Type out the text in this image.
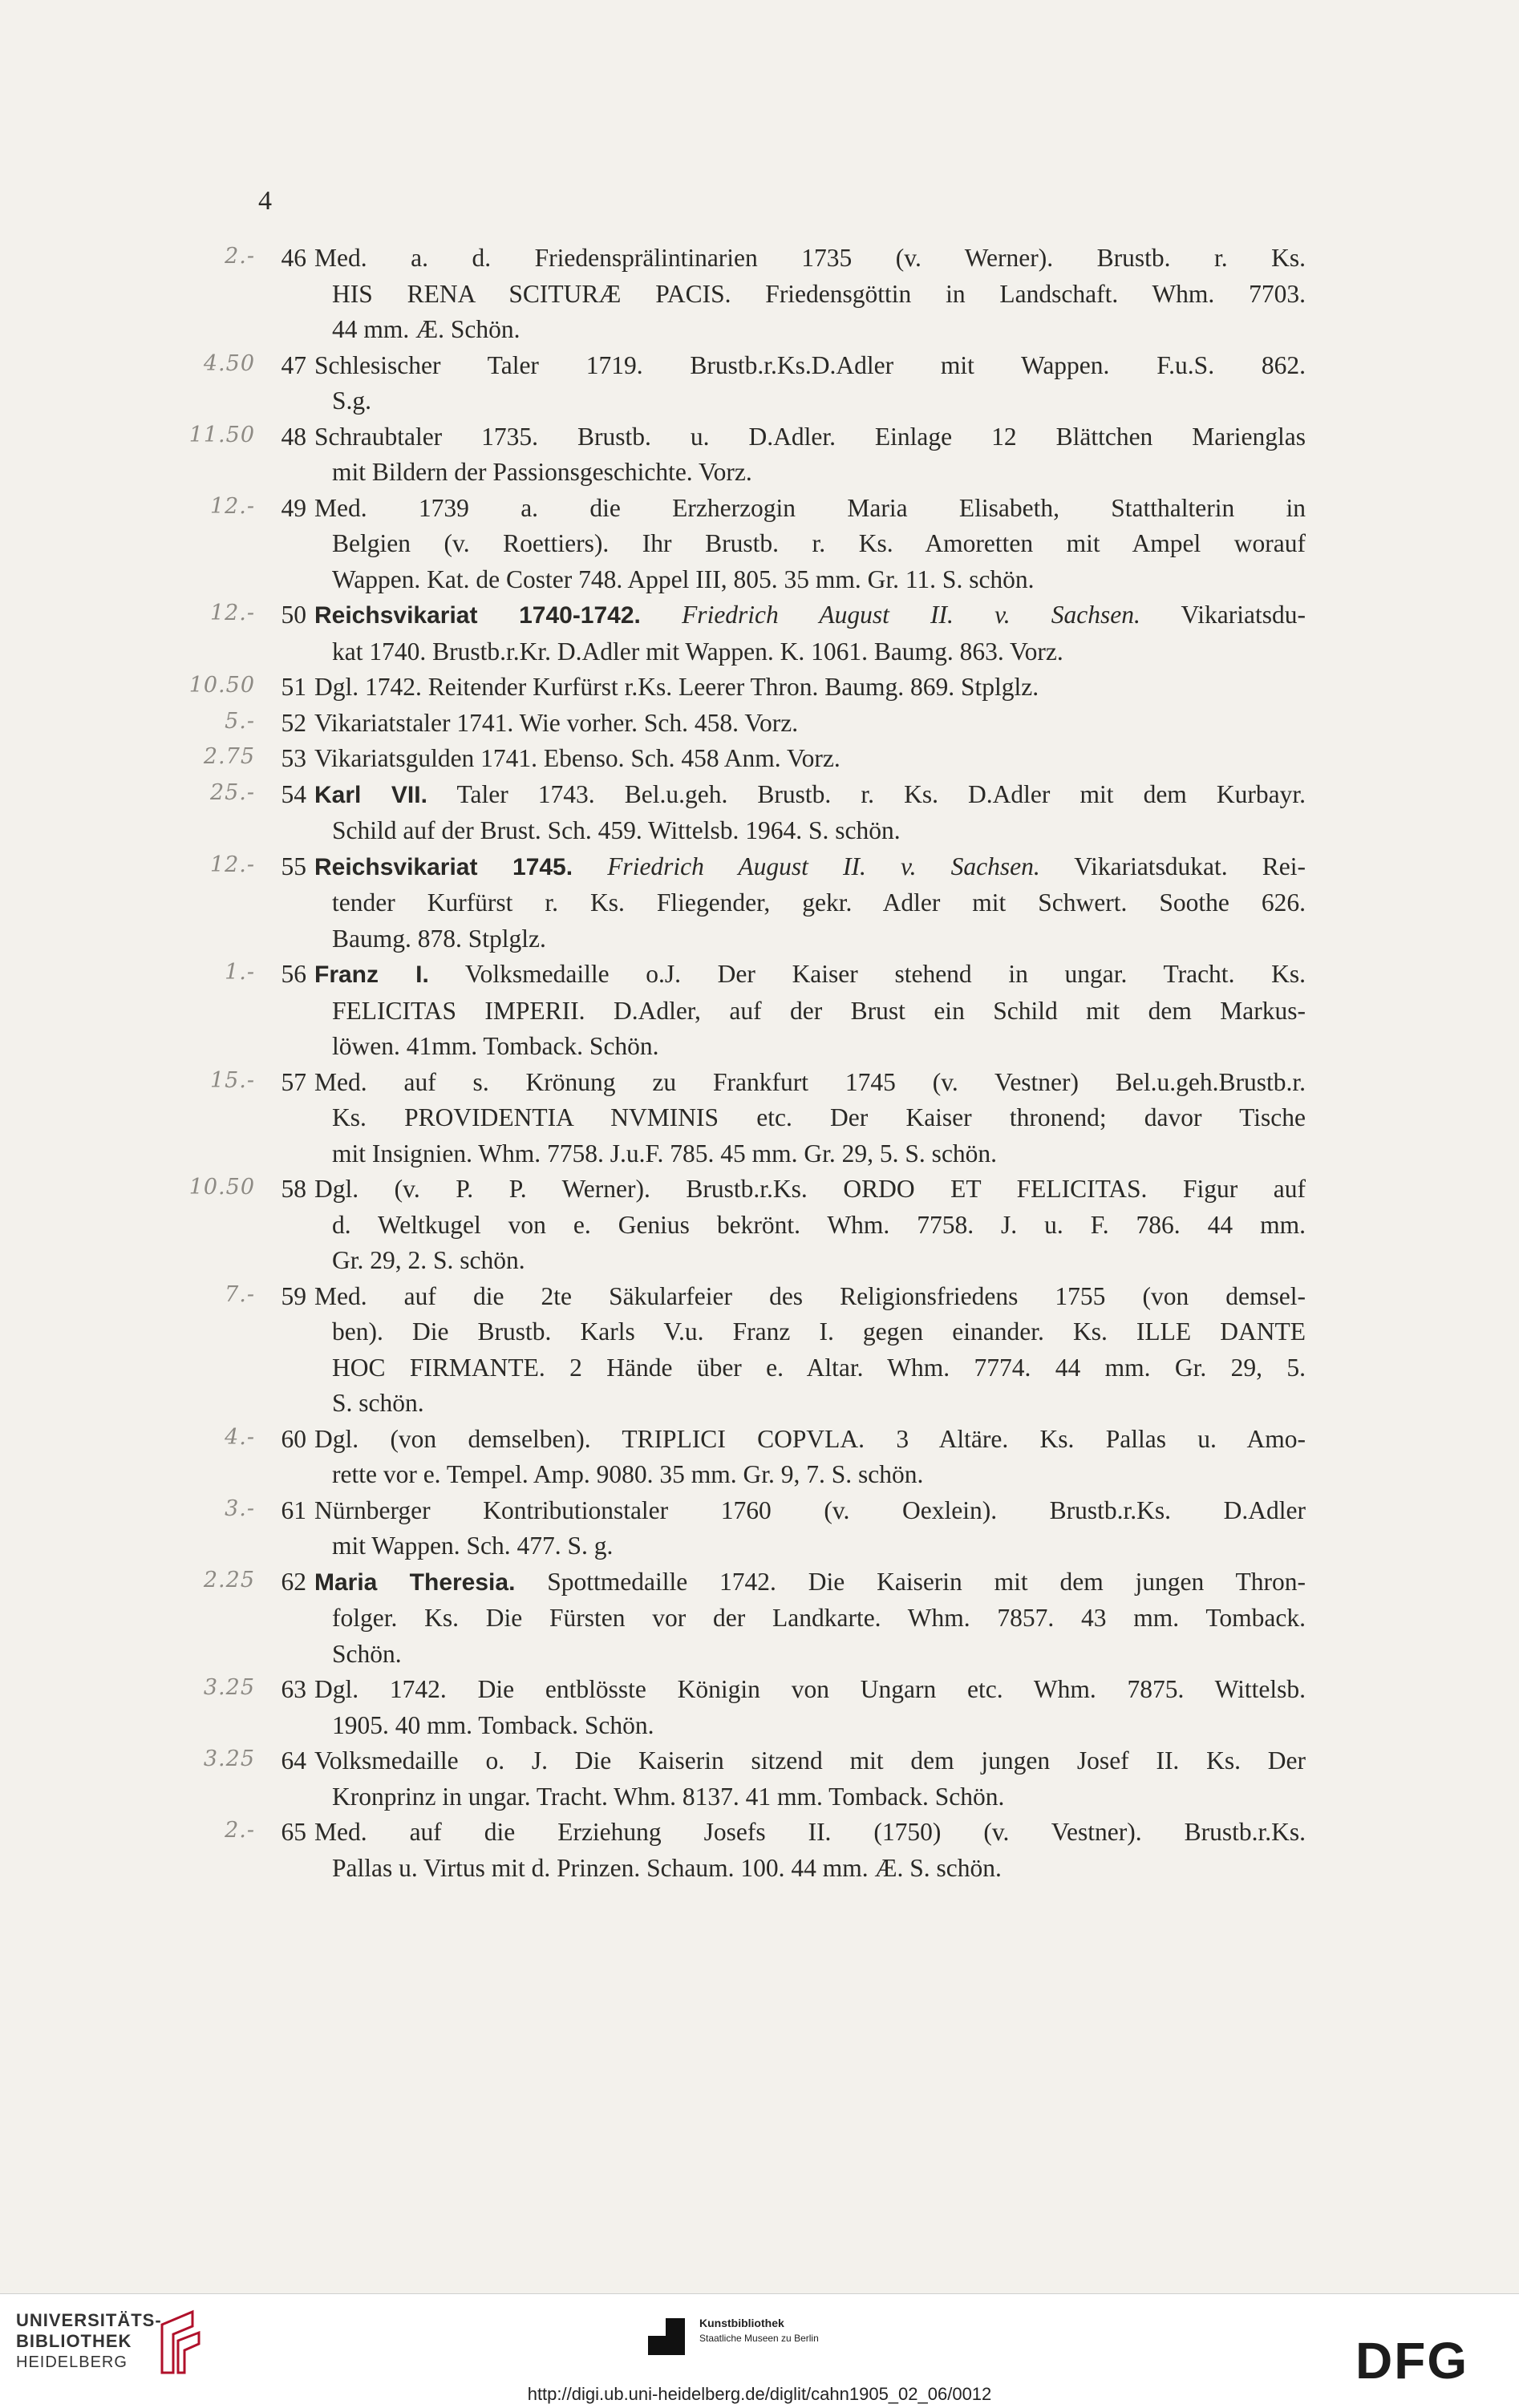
4
2.-	46 Med. a. d. Friedensprälintinarien 1735 (v. Werner). Brustb. r. Ks.
HIS RENA SCITURÆ PACIS. Friedensgöttin in Landschaft. Whm. 7703.
44 mm. Æ. Schön.
4.50	47 Schlesischer Taler 1719. Brustb.r.Ks.D.Adler mit Wappen. F.u.S. 862.
S.g.
11.50	48 Schraubtaler 1735. Brustb. u. D.Adler. Einlage 12 Blättchen Marienglas
mit Bildern der Passionsgeschichte. Vorz.
12.-	49 Med. 1739 a. die Erzherzogin Maria Elisabeth, Statthalterin in
Belgien (v. Roettiers). Ihr Brustb. r. Ks. Amoretten mit Ampel worauf
Wappen. Kat. de Coster 748. Appel III, 805. 35 mm. Gr. 11. S. schön.
12.-	50 Reichsvikariat 1740-1742. Friedrich August II. v. Sachsen. Vikariatsdu-
kat 1740. Brustb.r.Kr. D.Adler mit Wappen. K. 1061. Baumg. 863. Vorz.
10.50	51 Dgl. 1742. Reitender Kurfürst r.Ks. Leerer Thron. Baumg. 869. Stplglz.
5.-	52 Vikariatstaler 1741. Wie vorher. Sch. 458. Vorz.
2.75	53 Vikariatsgulden 1741. Ebenso. Sch. 458 Anm. Vorz.
25.-	54 Karl VII. Taler 1743. Bel.u.geh. Brustb. r. Ks. D.Adler mit dem Kurbayr.
Schild auf der Brust. Sch. 459. Wittelsb. 1964. S. schön.
12.-	55 Reichsvikariat 1745. Friedrich August II. v. Sachsen. Vikariatsdukat. Rei-
tender Kurfürst r. Ks. Fliegender, gekr. Adler mit Schwert. Soothe 626.
Baumg. 878. Stplglz.
1.-	56 Franz I. Volksmedaille o.J. Der Kaiser stehend in ungar. Tracht. Ks.
FELICITAS IMPERII. D.Adler, auf der Brust ein Schild mit dem Markus-
löwen. 41mm. Tomback. Schön.
15.-	57 Med. auf s. Krönung zu Frankfurt 1745 (v. Vestner) Bel.u.geh.Brustb.r.
Ks. PROVIDENTIA NVMINIS etc. Der Kaiser thronend; davor Tische
mit Insignien. Whm. 7758. J.u.F. 785. 45 mm. Gr. 29, 5. S. schön.
10.50	58 Dgl. (v. P. P. Werner). Brustb.r.Ks. ORDO ET FELICITAS. Figur auf
d. Weltkugel von e. Genius bekrönt. Whm. 7758. J. u. F. 786. 44 mm.
Gr. 29, 2. S. schön.
7.-	59 Med. auf die 2te Säkularfeier des Religionsfriedens 1755 (von demsel-
ben). Die Brustb. Karls V.u. Franz I. gegen einander. Ks. ILLE DANTE
HOC FIRMANTE. 2 Hände über e. Altar. Whm. 7774. 44 mm. Gr. 29, 5.
S. schön.
4.-	60 Dgl. (von demselben). TRIPLICI COPVLA. 3 Altäre. Ks. Pallas u. Amo-
rette vor e. Tempel. Amp. 9080. 35 mm. Gr. 9, 7. S. schön.
3.-	61 Nürnberger Kontributionstaler 1760 (v. Oexlein). Brustb.r.Ks. D.Adler
mit Wappen. Sch. 477. S. g.
2.25	62 Maria Theresia. Spottmedaille 1742. Die Kaiserin mit dem jungen Thron-
folger. Ks. Die Fürsten vor der Landkarte. Whm. 7857. 43 mm. Tomback.
Schön.
3.25	63 Dgl. 1742. Die entblösste Königin von Ungarn etc. Whm. 7875. Wittelsb.
1905. 40 mm. Tomback. Schön.
3.25	64 Volksmedaille o. J. Die Kaiserin sitzend mit dem jungen Josef II. Ks. Der
Kronprinz in ungar. Tracht. Whm. 8137. 41 mm. Tomback. Schön.
2.-	65 Med. auf die Erziehung Josefs II. (1750) (v. Vestner). Brustb.r.Ks.
Pallas u. Virtus mit d. Prinzen. Schaum. 100. 44 mm. Æ. S. schön.
UNIVERSITÄTS-
BIBLIOTHEK
HEIDELBERG
Kunstbibliothek
Staatliche Museen zu Berlin	DFG
http://digi.ub.uni-heidelberg.de/diglit/cahn1905_02_06/0012
